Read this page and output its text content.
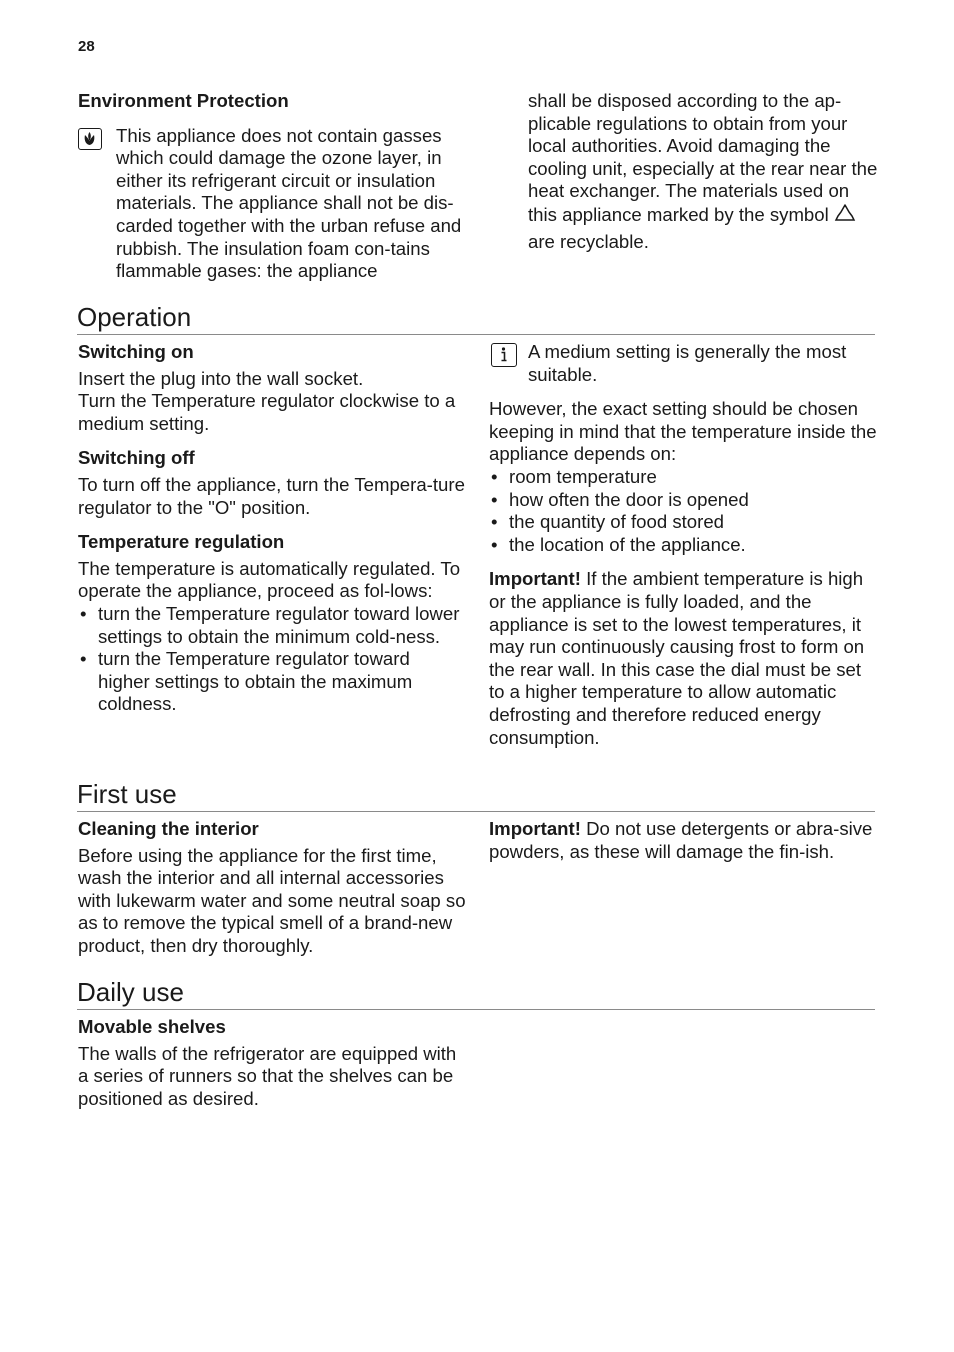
28

Environment Protection

This appliance does not contain gasses which could damage the ozone layer, in either its refrigerant circuit or insulation materials. The appliance shall not be dis-carded together with the urban refuse and rubbish. The insulation foam con-tains flammable gases: the appliance

shall be disposed according to the ap-plicable regulations to obtain from your local authorities. Avoid damaging the cooling unit, especially at the rear near the heat exchanger. The materials used on this appliance marked by the symbol  are recyclable.

Operation

Switching on

Insert the plug into the wall socket.

Turn the Temperature regulator clockwise to a medium setting.

Switching off

To turn off the appliance, turn the Tempera-ture regulator to the "O" position.

Temperature regulation

The temperature is automatically regulated. To operate the appliance, proceed as fol-lows:

• turn the Temperature regulator toward lower settings to obtain the minimum cold-ness.
• turn the Temperature regulator toward higher settings to obtain the maximum coldness.

A medium setting is generally the most suitable.

However, the exact setting should be chosen keeping in mind that the temperature inside the appliance depends on:

• room temperature
• how often the door is opened
• the quantity of food stored
• the location of the appliance.

Important! If the ambient temperature is high or the appliance is fully loaded, and the appliance is set to the lowest temperatures, it may run continuously causing frost to form on the rear wall. In this case the dial must be set to a higher temperature to allow automatic defrosting and therefore reduced energy consumption.

First use

Cleaning the interior

Before using the appliance for the first time, wash the interior and all internal accessories with lukewarm water and some neutral soap so as to remove the typical smell of a brand-new product, then dry thoroughly.

Important! Do not use detergents or abra-sive powders, as these will damage the fin-ish.

Daily use

Movable shelves

The walls of the refrigerator are equipped with a series of runners so that the shelves can be positioned as desired.
